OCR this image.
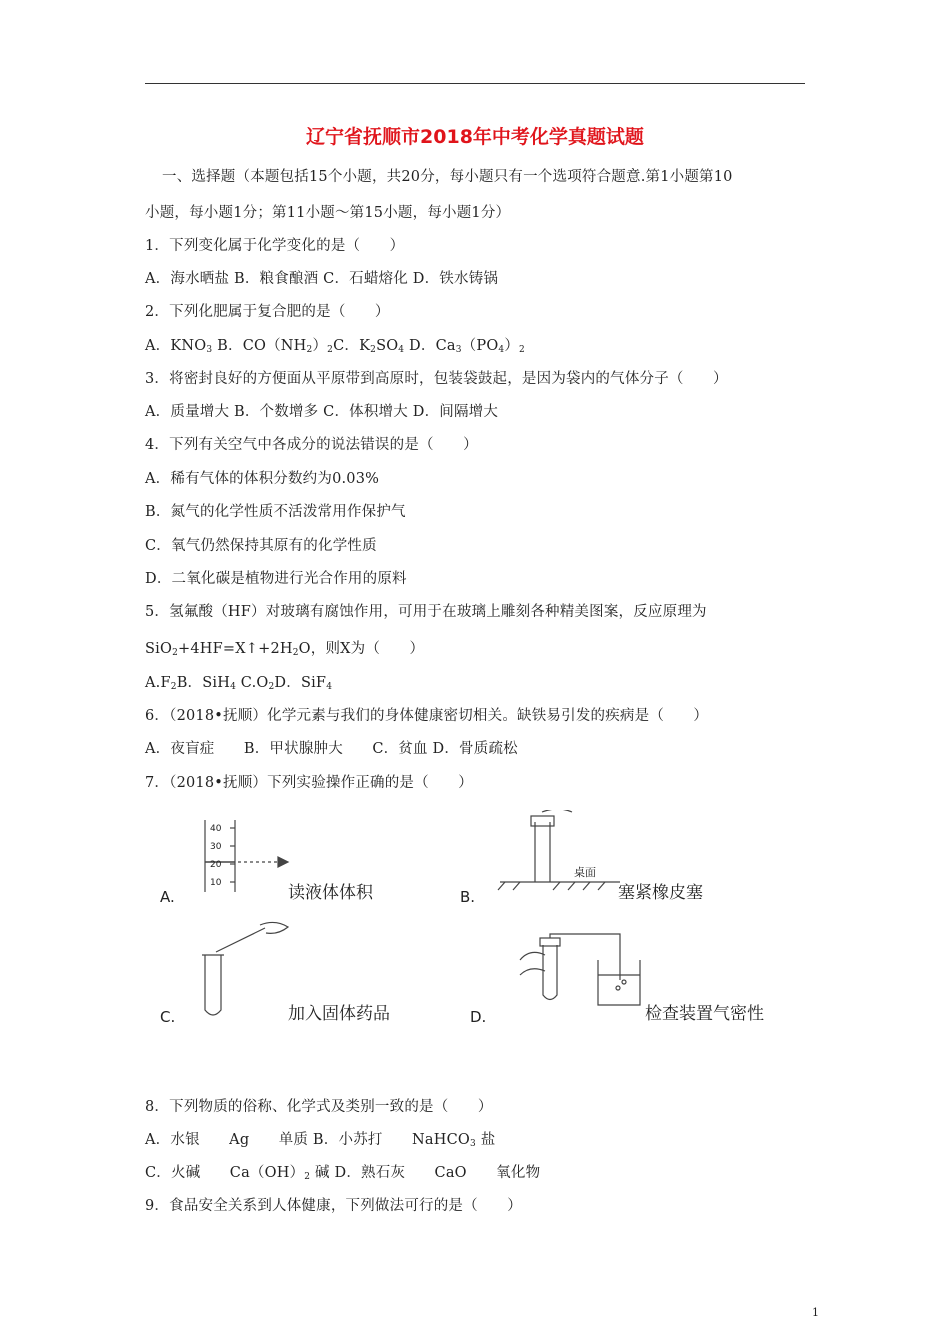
辽宁省抚顺市2018年中考化学真题试题
一、选择题（本题包括15个小题，共20分，每小题只有一个选项符合题意.第1小题第10
小题，每小题1分；第11小题～第15小题，每小题1分）
1．下列变化属于化学变化的是（　　）
A．海水晒盐 B．粮食酿酒 C．石蜡熔化 D．铁水铸锅
2．下列化肥属于复合肥的是（　　）
A．$KNO_3$ B．$CO(NH_2)_2C$．$K_2SO_4$ D．$Ca_3(PO_4)_2$
3．将密封良好的方便面从平原带到高原时，包装袋鼓起，是因为袋内的气体分子（　　）
A．质量增大 B．个数增多 C．体积增大 D．间隔增大
4．下列有关空气中各成分的说法错误的是（　　）
A．稀有气体的体积分数约为0.03%
B．氮气的化学性质不活泼常用作保护气
C．氧气仍然保持其原有的化学性质
D．二氧化碳是植物进行光合作用的原料
5．氢氟酸（HF）对玻璃有腐蚀作用，可用于在玻璃上雕刻各种精美图案，反应原理为
$SiO_2+4HF=X↑+2H_2O$，则X为（　　）
$A.F_2B$．SiH$_4$ $C.O_2D$．SiF$_4$
6．（2018•抚顺）化学元素与我们的身体健康密切相关。缺铁易引发的疾病是（　　）
A．夜盲症　　B．甲状腺肿大　　C．贫血 D．骨质疏松
7．（2018•抚顺）下列实验操作正确的是（　　）
40
30
20
10
A.	读液体体积
桌面
B.	塞紧橡皮塞
C.	加入固体药品	D.	检查装置气密性
8．下列物质的俗称、化学式及类别一致的是（　　）
A．水银　　Ag　　单质 B．小苏打　　NaHCO$_3$ 盐
C．火碱　　$Ca(OH)_2$ 碱 D．熟石灰　　CaO　　氧化物
9．食品安全关系到人体健康，下列做法可行的是（　　）
1
